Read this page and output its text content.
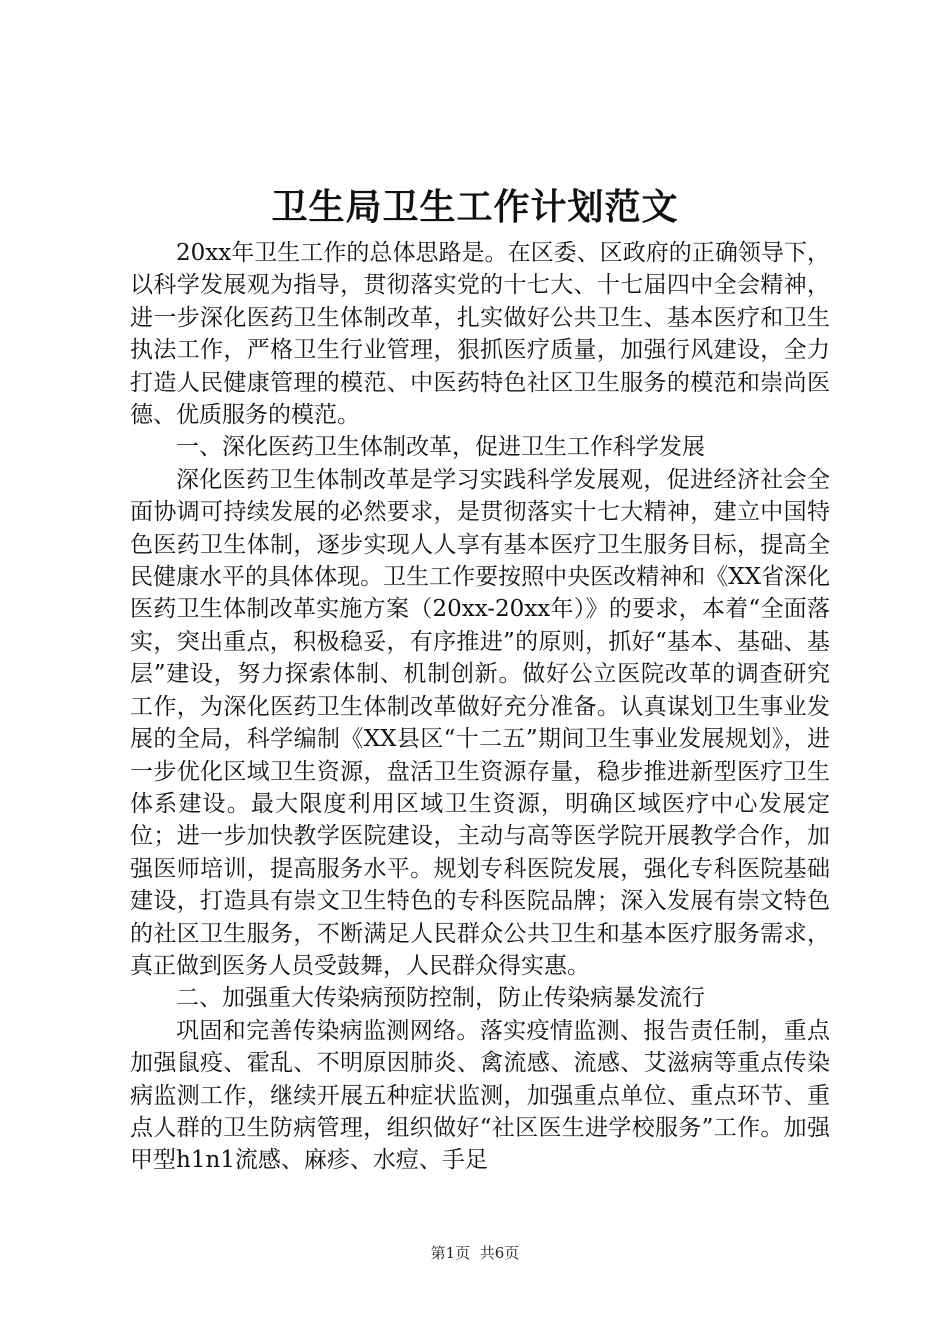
卫生局卫生工作计划范文

20xx年卫生工作的总体思路是。在区委、区政府的正确领导下，以科学发展观为指导，贯彻落实党的十七大、十七届四中全会精神，进一步深化医药卫生体制改革，扎实做好公共卫生、基本医疗和卫生执法工作，严格卫生行业管理，狠抓医疗质量，加强行风建设，全力打造人民健康管理的模范、中医药特色社区卫生服务的模范和崇尚医德、优质服务的模范。

一、深化医药卫生体制改革，促进卫生工作科学发展

深化医药卫生体制改革是学习实践科学发展观，促进经济社会全面协调可持续发展的必然要求，是贯彻落实十七大精神，建立中国特色医药卫生体制，逐步实现人人享有基本医疗卫生服务目标，提高全民健康水平的具体体现。卫生工作要按照中央医改精神和《XX省深化医药卫生体制改革实施方案（20xx-20xx年）》的要求，本着“全面落实，突出重点，积极稳妥，有序推进”的原则，抓好“基本、基础、基层”建设，努力探索体制、机制创新。做好公立医院改革的调查研究工作，为深化医药卫生体制改革做好充分准备。认真谋划卫生事业发展的全局，科学编制《XX县区“十二五”期间卫生事业发展规划》，进一步优化区域卫生资源，盘活卫生资源存量，稳步推进新型医疗卫生体系建设。最大限度利用区域卫生资源，明确区域医疗中心发展定位；进一步加快教学医院建设，主动与高等医学院开展教学合作，加强医师培训，提高服务水平。规划专科医院发展，强化专科医院基础建设，打造具有崇文卫生特色的专科医院品牌；深入发展有崇文特色的社区卫生服务，不断满足人民群众公共卫生和基本医疗服务需求，真正做到医务人员受鼓舞，人民群众得实惠。

二、加强重大传染病预防控制，防止传染病暴发流行

巩固和完善传染病监测网络。落实疫情监测、报告责任制，重点加强鼠疫、霍乱、不明原因肺炎、禽流感、流感、艾滋病等重点传染病监测工作，继续开展五种症状监测，加强重点单位、重点环节、重点人群的卫生防病管理，组织做好“社区医生进学校服务”工作。加强甲型h1n1流感、麻疹、水痘、手足

第1页 共6页
